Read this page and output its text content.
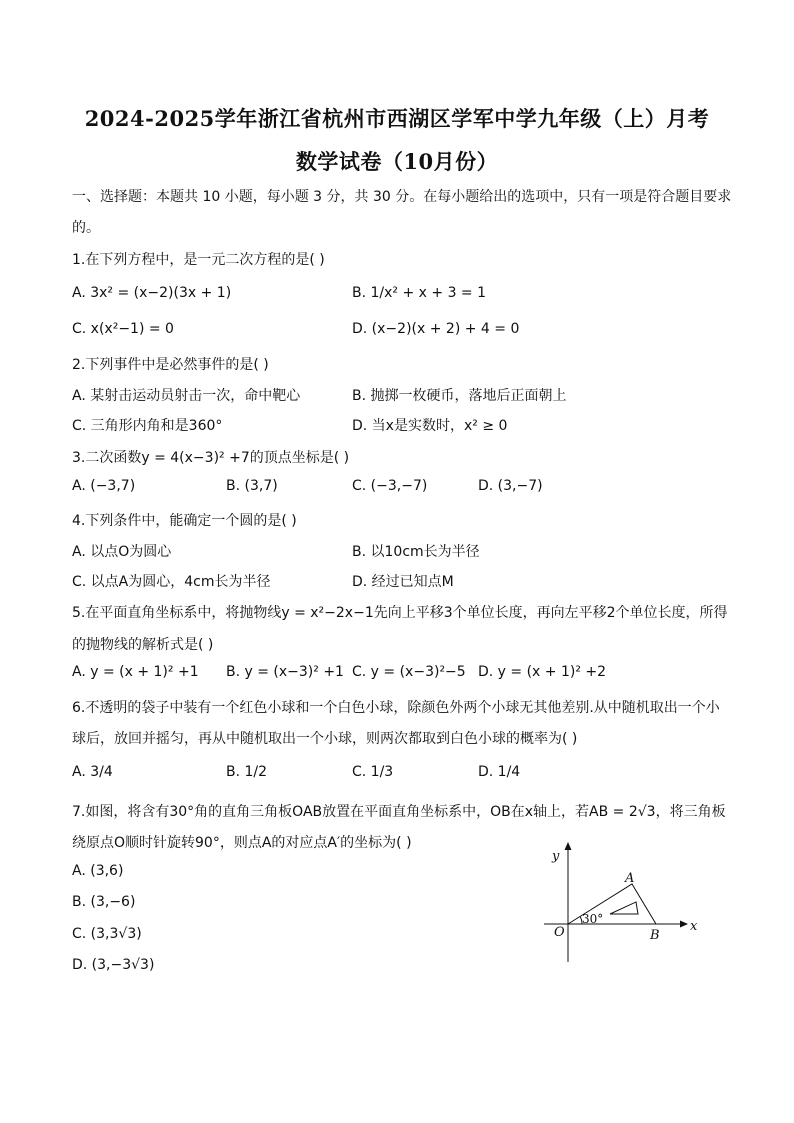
2024-2025学年浙江省杭州市西湖区学军中学九年级（上）月考
数学试卷（10月份）
一、选择题：本题共 10 小题，每小题 3 分，共 30 分。在每小题给出的选项中，只有一项是符合题目要求
的。
1.在下列方程中，是一元二次方程的是( )
A. 3x² = (x−2)(3x + 1)	B. 1/x² + x + 3 = 1
C. x(x²−1) = 0	D. (x−2)(x + 2) + 4 = 0
2.下列事件中是必然事件的是( )
A. 某射击运动员射击一次，命中靶心	B. 抛掷一枚硬币，落地后正面朝上
C. 三角形内角和是360°	D. 当x是实数时，x² ≥ 0
3.二次函数y = 4(x−3)² +7的顶点坐标是( )
A. (−3,7)	B. (3,7)	C. (−3,−7)	D. (3,−7)
4.下列条件中，能确定一个圆的是( )
A. 以点O为圆心	B. 以10cm长为半径
C. 以点A为圆心，4cm长为半径	D. 经过已知点M
5.在平面直角坐标系中，将抛物线y = x²−2x−1先向上平移3个单位长度，再向左平移2个单位长度，所得
的抛物线的解析式是( )
A. y = (x + 1)² +1 B. y = (x−3)² +1 C. y = (x−3)²−5 D. y = (x + 1)² +2
6.不透明的袋子中装有一个红色小球和一个白色小球，除颜色外两个小球无其他差别.从中随机取出一个小
球后，放回并摇匀，再从中随机取出一个小球，则两次都取到白色小球的概率为( )
A. 3/4	B. 1/2	C. 1/3	D. 1/4
7.如图，将含有30°角的直角三角板OAB放置在平面直角坐标系中，OB在x轴上，若AB = 2√3，将三角板
绕原点O顺时针旋转90°，则点A的对应点A′的坐标为( )
A. (3,6)
B. (3,−6)
C. (3,3√3)
D. (3,−3√3)
y
x
A
B
O
30°
